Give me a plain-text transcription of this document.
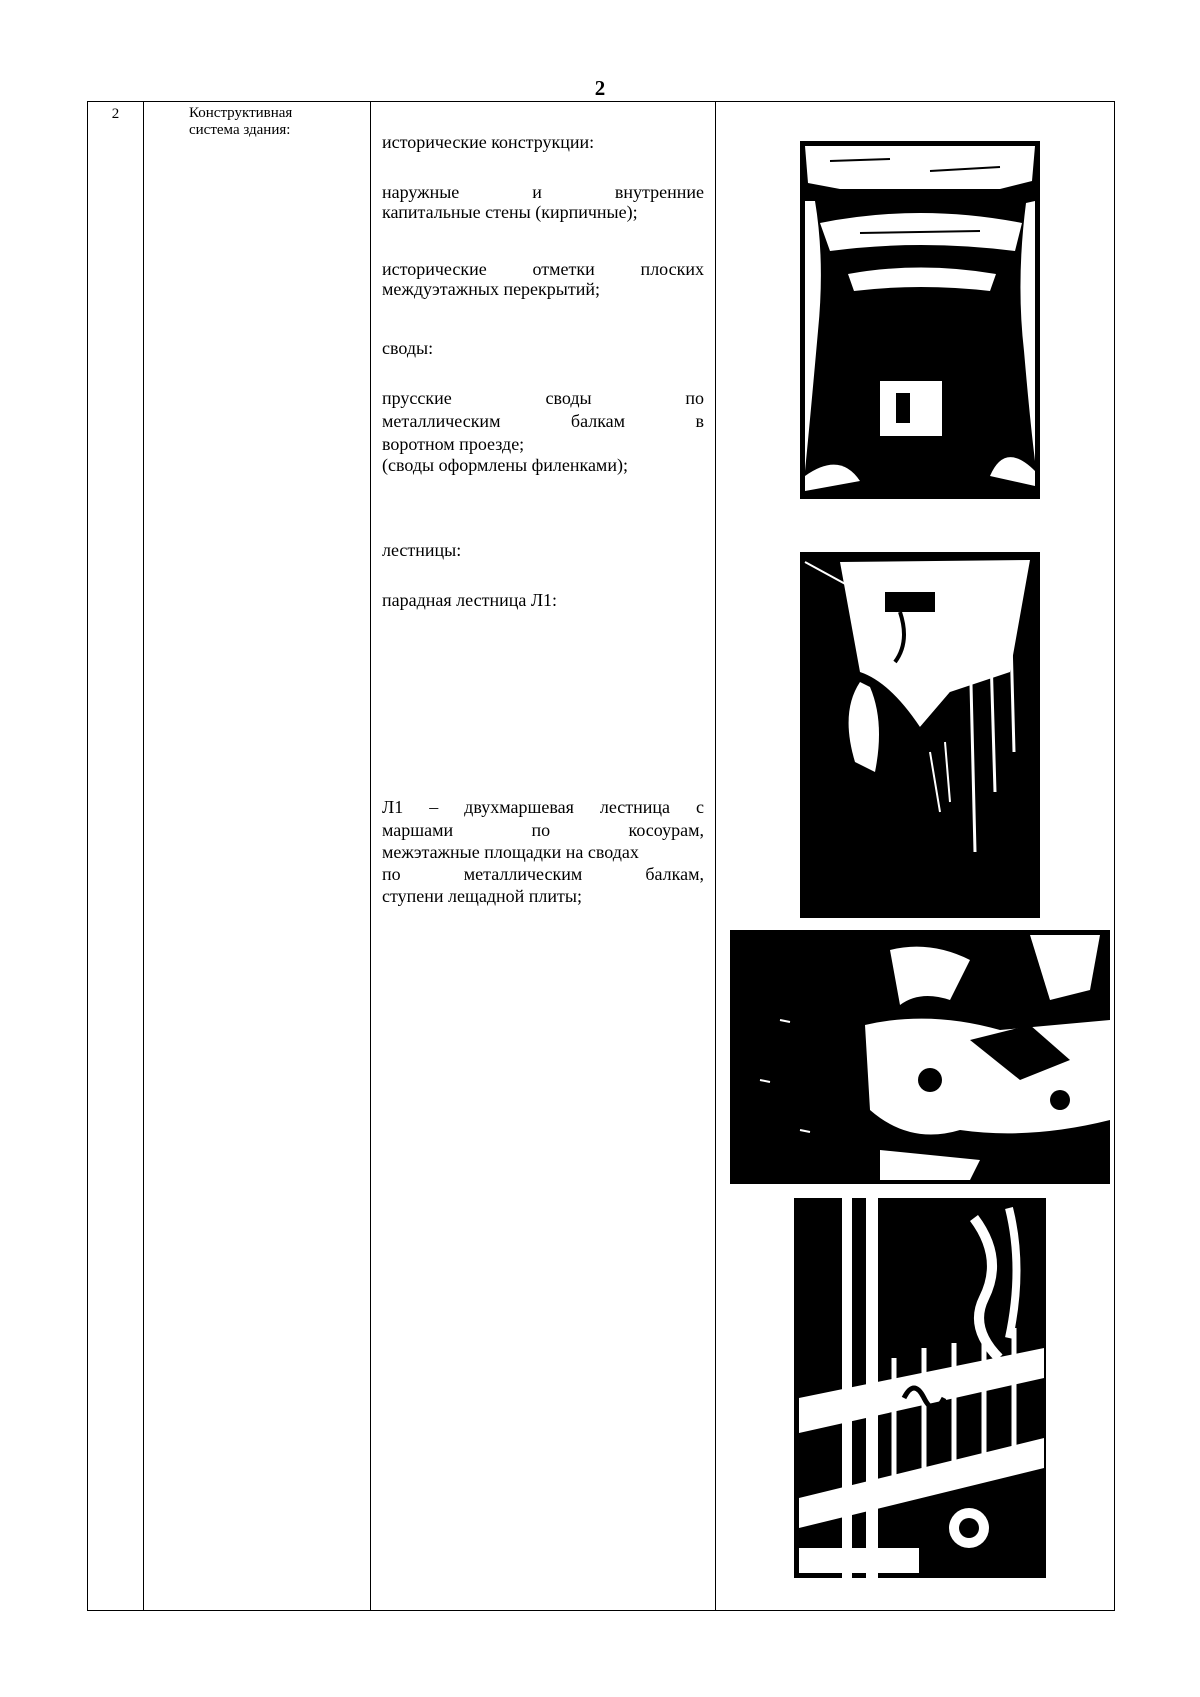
2
2	Конструктивная система здания:

исторические конструкции:

наружные и внутренние

капитальные стены (кирпичные);

исторические отметки плоских

междуэтажных перекрытий;

своды:

прусские своды по

металлическим балкам в

воротном проезде;

(своды оформлены филенками);

лестницы:

парадная лестница Л1:

Л1 – двухмаршевая лестница с

маршами по косоурам,

межэтажные площадки на сводах

по металлическим балкам,

ступени лещадной плиты;
